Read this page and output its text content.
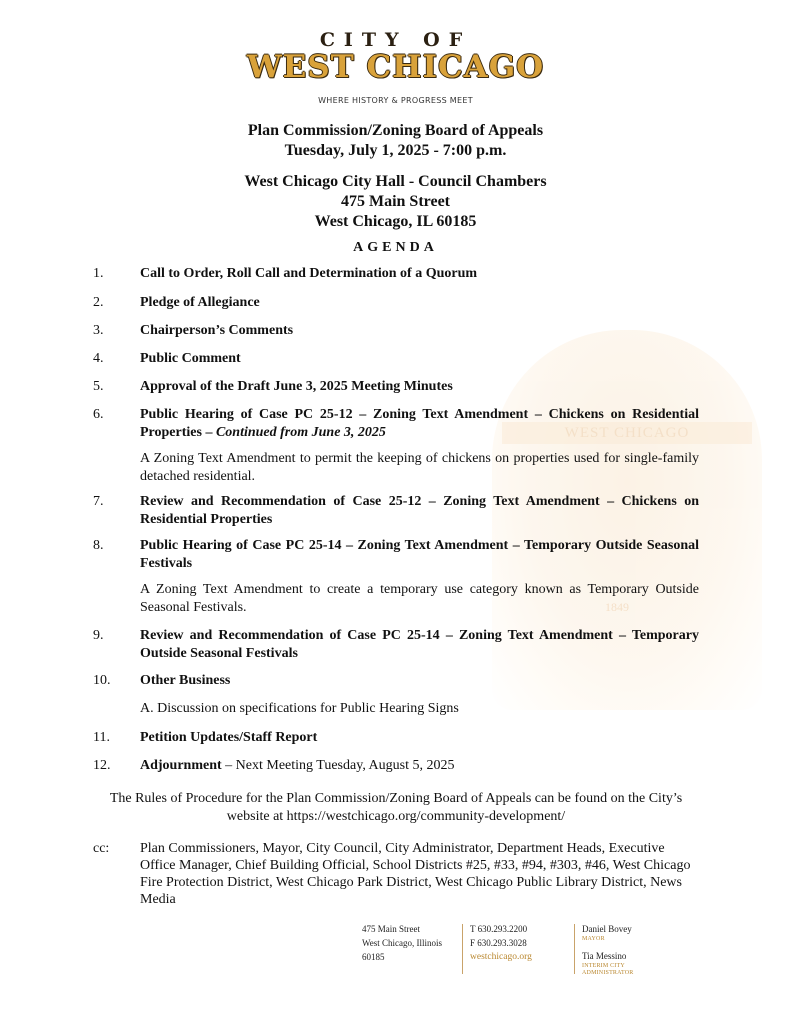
WEST CHICAGO
1849
CITY OF
WEST CHICAGO
WHERE HISTORY & PROGRESS MEET
Plan Commission/Zoning Board of Appeals
Tuesday, July 1, 2025 - 7:00 p.m.
West Chicago City Hall - Council Chambers
475 Main Street
West Chicago, IL 60185
AGENDA
1.	Call to Order, Roll Call and Determination of a Quorum
2.	Pledge of Allegiance
3.	Chairperson’s Comments
4.	Public Comment
5.	Approval of the Draft June 3, 2025 Meeting Minutes
6.	Public Hearing of Case PC 25-12 – Zoning Text Amendment – Chickens on Residential Properties – Continued from June 3, 2025
A Zoning Text Amendment to permit the keeping of chickens on properties used for single-family detached residential.
7.	Review and Recommendation of Case 25-12 – Zoning Text Amendment – Chickens on Residential Properties
8.	Public Hearing of Case PC 25-14 – Zoning Text Amendment – Temporary Outside Seasonal Festivals
A Zoning Text Amendment to create a temporary use category known as Temporary Outside Seasonal Festivals.
9.	Review and Recommendation of Case PC 25-14 – Zoning Text Amendment – Temporary Outside Seasonal Festivals
10. Other Business
A. Discussion on specifications for Public Hearing Signs
11. Petition Updates/Staff Report
12. Adjournment – Next Meeting Tuesday, August 5, 2025
The Rules of Procedure for the Plan Commission/Zoning Board of Appeals can be found on the City’s website at https://westchicago.org/community-development/
cc: Plan Commissioners, Mayor, City Council, City Administrator, Department Heads, Executive Office Manager, Chief Building Official, School Districts #25, #33, #94, #303, #46, West Chicago Fire Protection District, West Chicago Park District, West Chicago Public Library District, News Media
475 Main Street
West Chicago, Illinois
60185
T 630.293.2200
F 630.293.3028
westchicago.org
Daniel Bovey
MAYOR
Tia Messino
INTERIM CITY
ADMINISTRATOR
